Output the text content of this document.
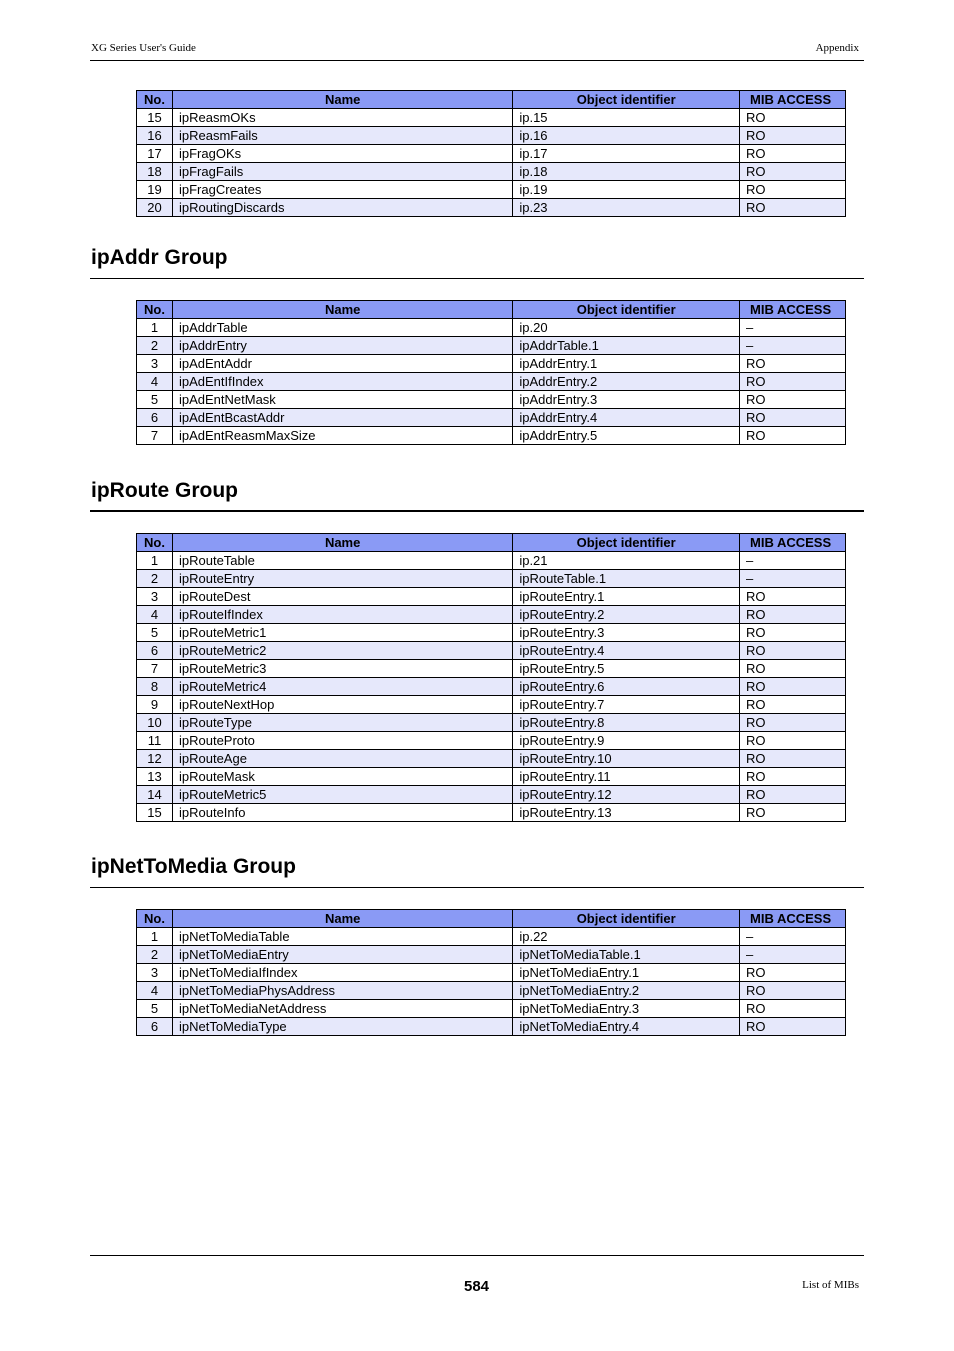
XG Series User's Guide	Appendix
No.	Name	Object identifier	MIB ACCESS
15	ipReasmOKs	ip.15	RO
16	ipReasmFails	ip.16	RO
17	ipFragOKs	ip.17	RO
18	ipFragFails	ip.18	RO
19	ipFragCreates	ip.19	RO
20	ipRoutingDiscards	ip.23	RO
ipAddr Group
No.	Name	Object identifier	MIB ACCESS
1	ipAddrTable	ip.20	–
2	ipAddrEntry	ipAddrTable.1	–
3	ipAdEntAddr	ipAddrEntry.1	RO
4	ipAdEntIfIndex	ipAddrEntry.2	RO
5	ipAdEntNetMask	ipAddrEntry.3	RO
6	ipAdEntBcastAddr	ipAddrEntry.4	RO
7	ipAdEntReasmMaxSize	ipAddrEntry.5	RO
ipRoute Group
No.	Name	Object identifier	MIB ACCESS
1	ipRouteTable	ip.21	–
2	ipRouteEntry	ipRouteTable.1	–
3	ipRouteDest	ipRouteEntry.1	RO
4	ipRouteIfIndex	ipRouteEntry.2	RO
5	ipRouteMetric1	ipRouteEntry.3	RO
6	ipRouteMetric2	ipRouteEntry.4	RO
7	ipRouteMetric3	ipRouteEntry.5	RO
8	ipRouteMetric4	ipRouteEntry.6	RO
9	ipRouteNextHop	ipRouteEntry.7	RO
10	ipRouteType	ipRouteEntry.8	RO
11	ipRouteProto	ipRouteEntry.9	RO
12	ipRouteAge	ipRouteEntry.10	RO
13	ipRouteMask	ipRouteEntry.11	RO
14	ipRouteMetric5	ipRouteEntry.12	RO
15	ipRouteInfo	ipRouteEntry.13	RO
ipNetToMedia Group
No.	Name	Object identifier	MIB ACCESS
1	ipNetToMediaTable	ip.22	–
2	ipNetToMediaEntry	ipNetToMediaTable.1	–
3	ipNetToMediaIfIndex	ipNetToMediaEntry.1	RO
4	ipNetToMediaPhysAddress	ipNetToMediaEntry.2	RO
5	ipNetToMediaNetAddress	ipNetToMediaEntry.3	RO
6	ipNetToMediaType	ipNetToMediaEntry.4	RO
584	List of MIBs
